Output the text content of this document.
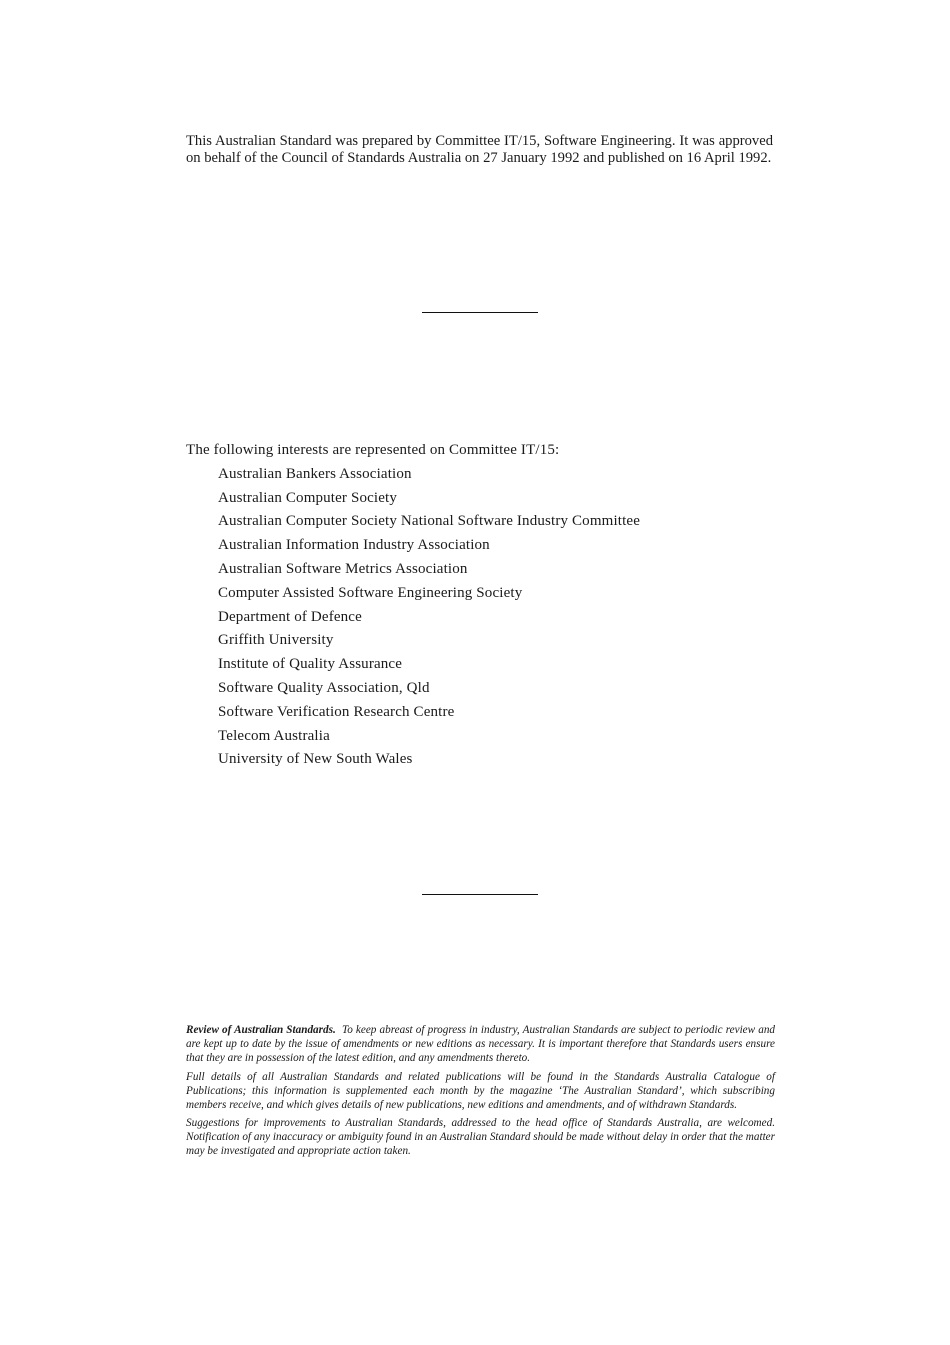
This Australian Standard was prepared by Committee IT/15, Software Engineering. It was approved on behalf of the Council of Standards Australia on 27 January 1992 and published on 16 April 1992.

The following interests are represented on Committee IT/15:

Australian Bankers Association
Australian Computer Society
Australian Computer Society National Software Industry Committee
Australian Information Industry Association
Australian Software Metrics Association
Computer Assisted Software Engineering Society
Department of Defence
Griffith University
Institute of Quality Assurance
Software Quality Association, Qld
Software Verification Research Centre
Telecom Australia
University of New South Wales

Review of Australian Standards. To keep abreast of progress in industry, Australian Standards are subject to periodic review and are kept up to date by the issue of amendments or new editions as necessary. It is important therefore that Standards users ensure that they are in possession of the latest edition, and any amendments thereto.

Full details of all Australian Standards and related publications will be found in the Standards Australia Catalogue of Publications; this information is supplemented each month by the magazine ‘The Australian Standard’, which subscribing members receive, and which gives details of new publications, new editions and amendments, and of withdrawn Standards.

Suggestions for improvements to Australian Standards, addressed to the head office of Standards Australia, are welcomed. Notification of any inaccuracy or ambiguity found in an Australian Standard should be made without delay in order that the matter may be investigated and appropriate action taken.
